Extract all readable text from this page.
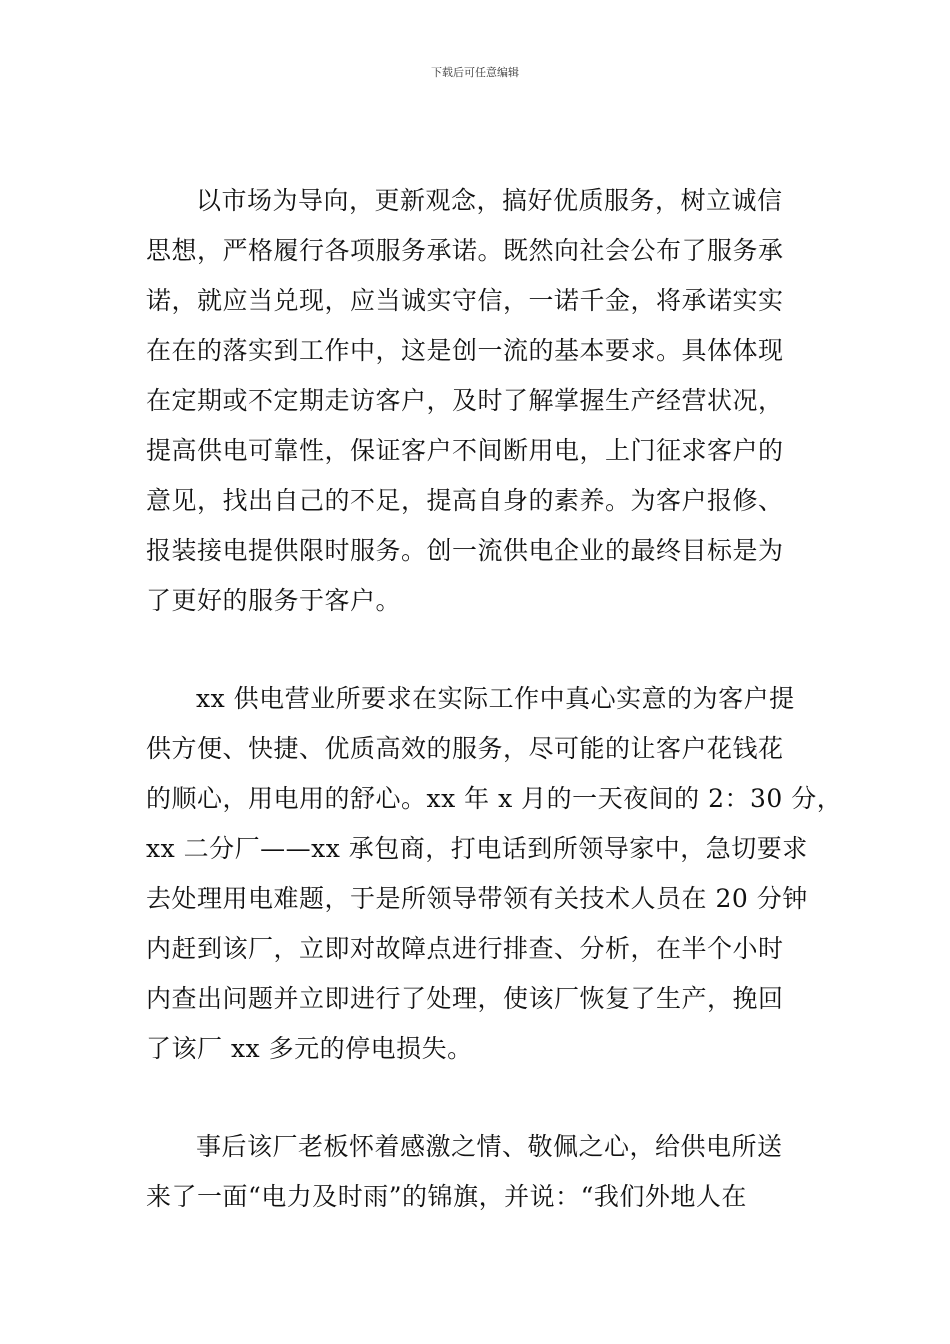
下载后可任意编辑
以市场为导向，更新观念，搞好优质服务，树立诚信
思想，严格履行各项服务承诺。既然向社会公布了服务承
诺，就应当兑现，应当诚实守信，一诺千金，将承诺实实
在在的落实到工作中，这是创一流的基本要求。具体体现
在定期或不定期走访客户，及时了解掌握生产经营状况，
提高供电可靠性，保证客户不间断用电，上门征求客户的
意见，找出自己的不足，提高自身的素养。为客户报修、
报装接电提供限时服务。创一流供电企业的最终目标是为
了更好的服务于客户。
xx 供电营业所要求在实际工作中真心实意的为客户提
供方便、快捷、优质高效的服务，尽可能的让客户花钱花
的顺心，用电用的舒心。xx 年 x 月的一天夜间的 2：30 分，
xx 二分厂——xx 承包商，打电话到所领导家中，急切要求
去处理用电难题，于是所领导带领有关技术人员在 20 分钟
内赶到该厂，立即对故障点进行排查、分析，在半个小时
内查出问题并立即进行了处理，使该厂恢复了生产，挽回
了该厂 xx 多元的停电损失。
事后该厂老板怀着感激之情、敬佩之心，给供电所送
来了一面“电力及时雨”的锦旗，并说：“我们外地人在
